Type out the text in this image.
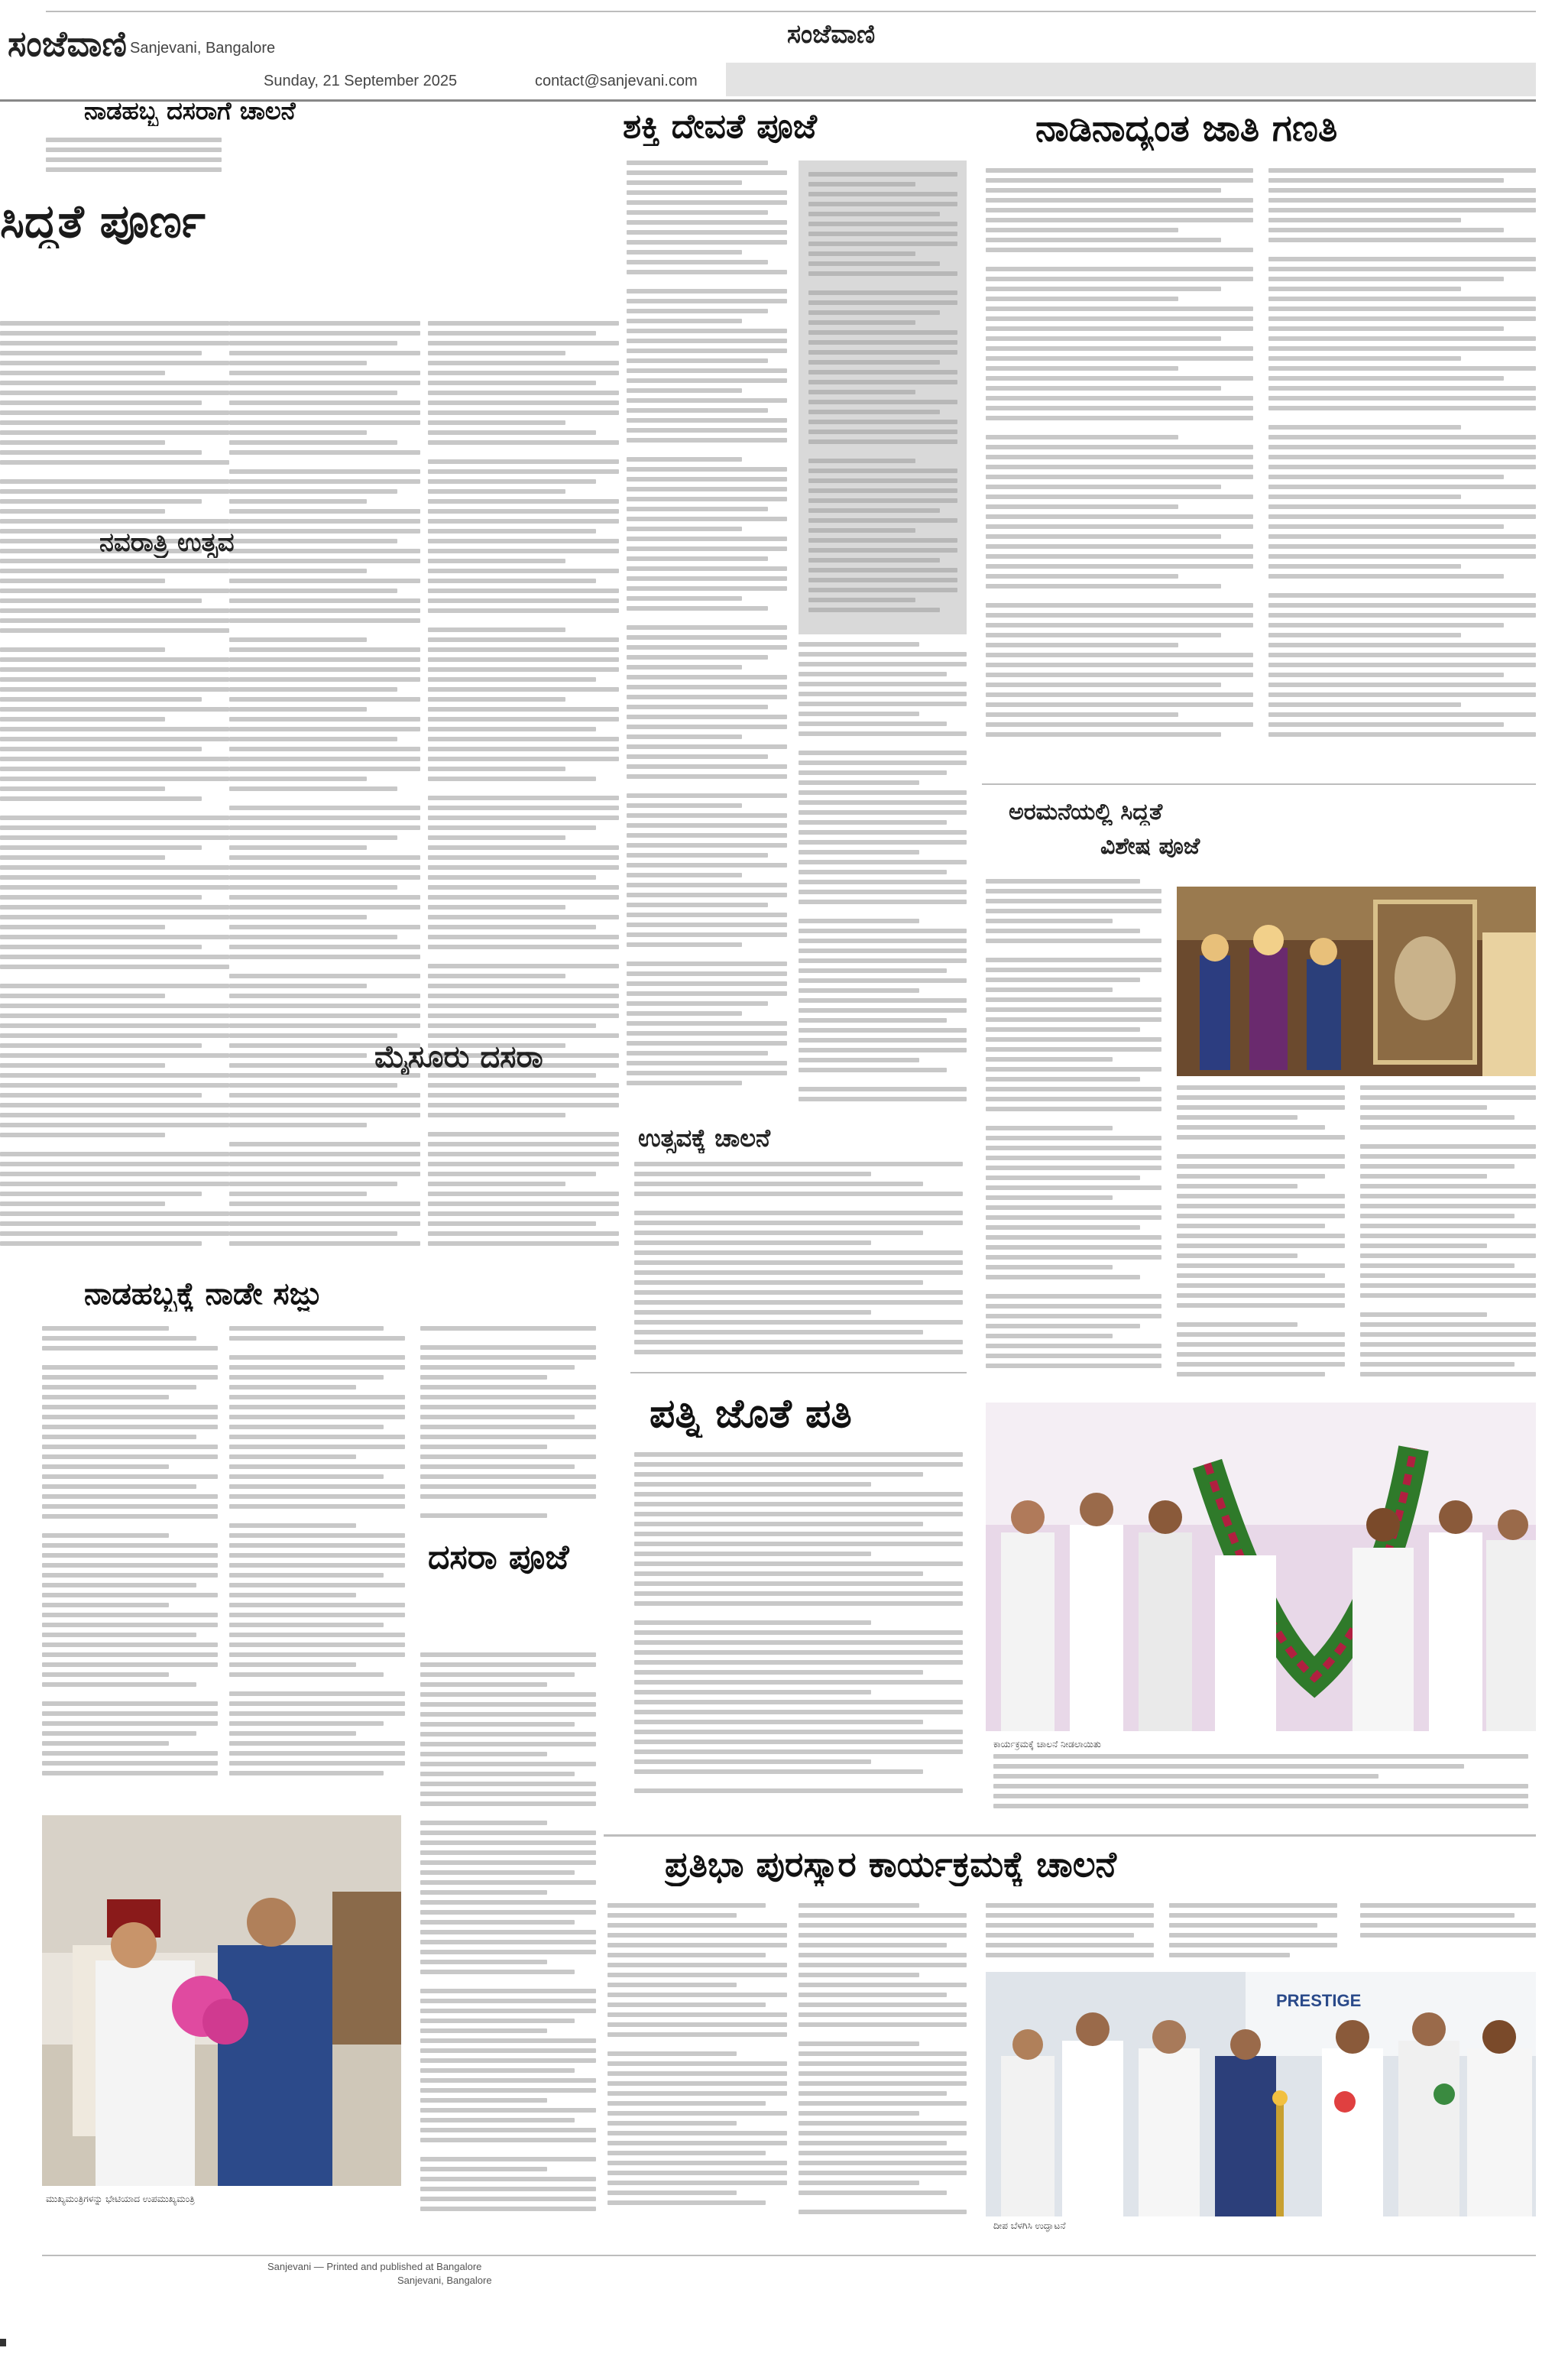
ಸಂಜೆವಾಣಿ Sanjevani, Bangalore
Sunday, 21 September 2025	contact@sanjevani.com
ಸಂಜೆವಾಣಿ
ನಾಡಹಬ್ಬ ದಸರಾಗೆ ಚಾಲನೆ	ಶಕ್ತಿ ದೇವತೆ ಪೂಜೆ	ನಾಡಿನಾದ್ಯಂತ ಜಾತಿ ಗಣತಿ
ಸಿದ್ಧತೆ ಪೂರ್ಣ
ನವರಾತ್ರಿ ಉತ್ಸವ
ಮೈಸೂರು ದಸರಾ
ಅರಮನೆಯಲ್ಲಿ ಸಿದ್ಧತೆ
ವಿಶೇಷ ಪೂಜೆ
ಉತ್ಸವಕ್ಕೆ ಚಾಲನೆ
ನಾಡಹಬ್ಬಕ್ಕೆ ನಾಡೇ ಸಜ್ಜು
ದಸರಾ ಪೂಜೆ
ಪತ್ನಿ ಜೊತೆ ಪತಿ
ಕಾರ್ಯಕ್ರಮಕ್ಕೆ ಚಾಲನೆ ನೀಡಲಾಯಿತು
ಮುಖ್ಯಮಂತ್ರಿಗಳನ್ನು ಭೇಟಿಯಾದ ಉಪಮುಖ್ಯಮಂತ್ರಿ
ಪ್ರತಿಭಾ ಪುರಸ್ಕಾರ ಕಾರ್ಯಕ್ರಮಕ್ಕೆ ಚಾಲನೆ
PRESTIGE
ದೀಪ ಬೆಳಗಿಸಿ ಉದ್ಘಾಟನೆ
Sanjevani — Printed and published at Bangalore
Sanjevani, Bangalore
